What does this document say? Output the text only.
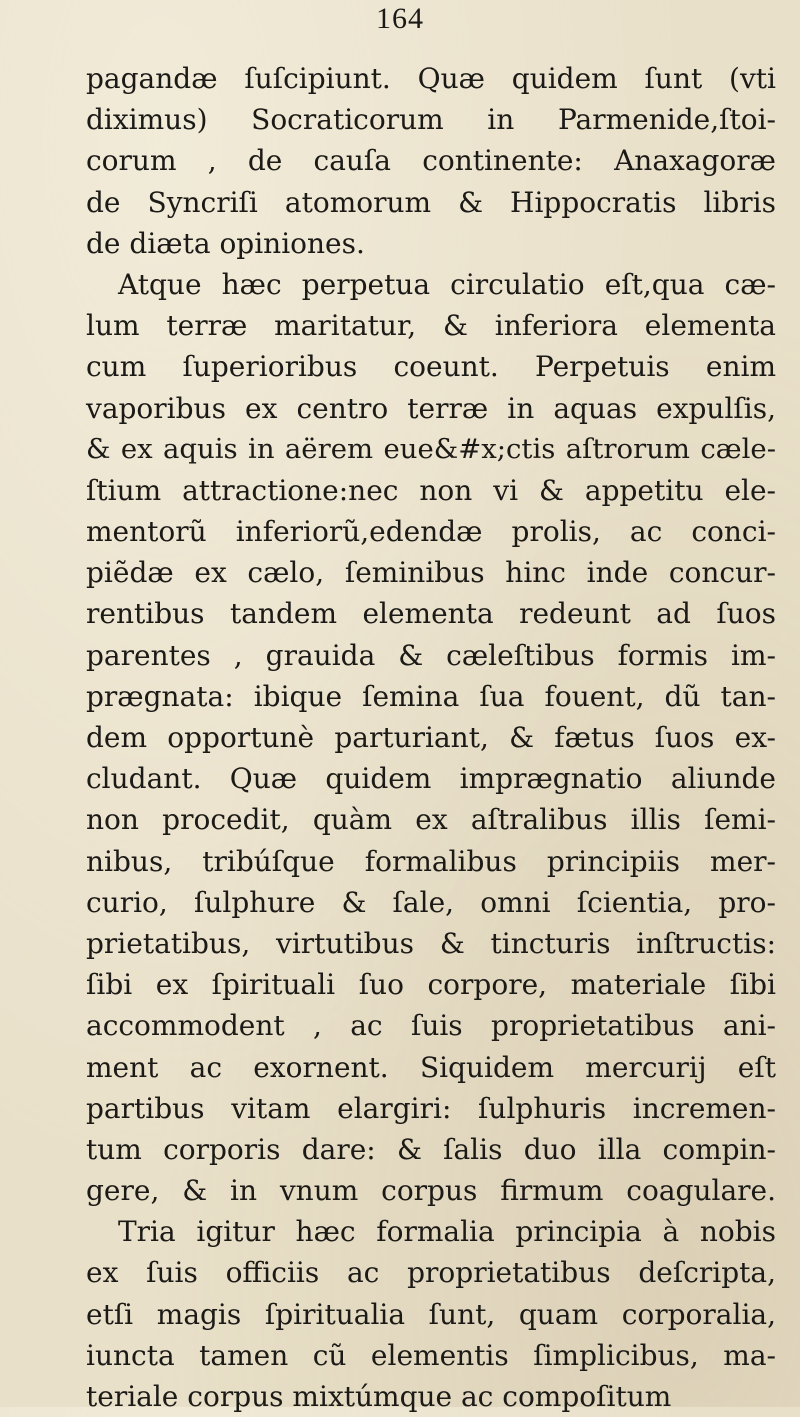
164
pagandæ ſuſcipiunt. Quæ quidem ſunt (vti
diximus) Socraticorum in Parmenide,ſtoi-
corum , de cauſa continente: Anaxagoræ
de Syncriſi atomorum & Hippocratis libris
de diæta opiniones.
Atque hæc perpetua circulatio eſt,qua cæ-
lum terræ maritatur, & inferiora elementa
cum ſuperioribus coeunt. Perpetuis enim
vaporibus ex centro terræ in aquas expulſis,
& ex aquis in aërem eue&#x;ctis aſtrorum cæle-
ſtium attractione:nec non vi & appetitu ele-
mentorũ inferiorũ,edendæ prolis, ac conci-
piẽdæ ex cælo, ſeminibus hinc inde concur-
rentibus tandem elementa redeunt ad ſuos
parentes , grauida & cæleſtibus formis im-
prægnata: ibique ſemina ſua fouent, dũ tan-
dem opportunè parturiant, & fætus ſuos ex-
cludant. Quæ quidem imprægnatio aliunde
non procedit, quàm ex aſtralibus illis ſemi-
nibus, tribúſque formalibus principiis mer-
curio, ſulphure & ſale, omni ſcientia, pro-
prietatibus, virtutibus & tincturis inſtructis:
ſibi ex ſpirituali ſuo corpore, materiale ſibi
accommodent , ac ſuis proprietatibus ani-
ment ac exornent. Siquidem mercurij eſt
partibus vitam elargiri: ſulphuris incremen-
tum corporis dare: & ſalis duo illa compin-
gere, & in vnum corpus firmum coagulare.
Tria igitur hæc formalia principia à nobis
ex ſuis officiis ac proprietatibus deſcripta,
etſi magis ſpiritualia ſunt, quam corporalia,
iuncta tamen cũ elementis ſimplicibus, ma-
teriale corpus mixtúmque ac compoſitum
